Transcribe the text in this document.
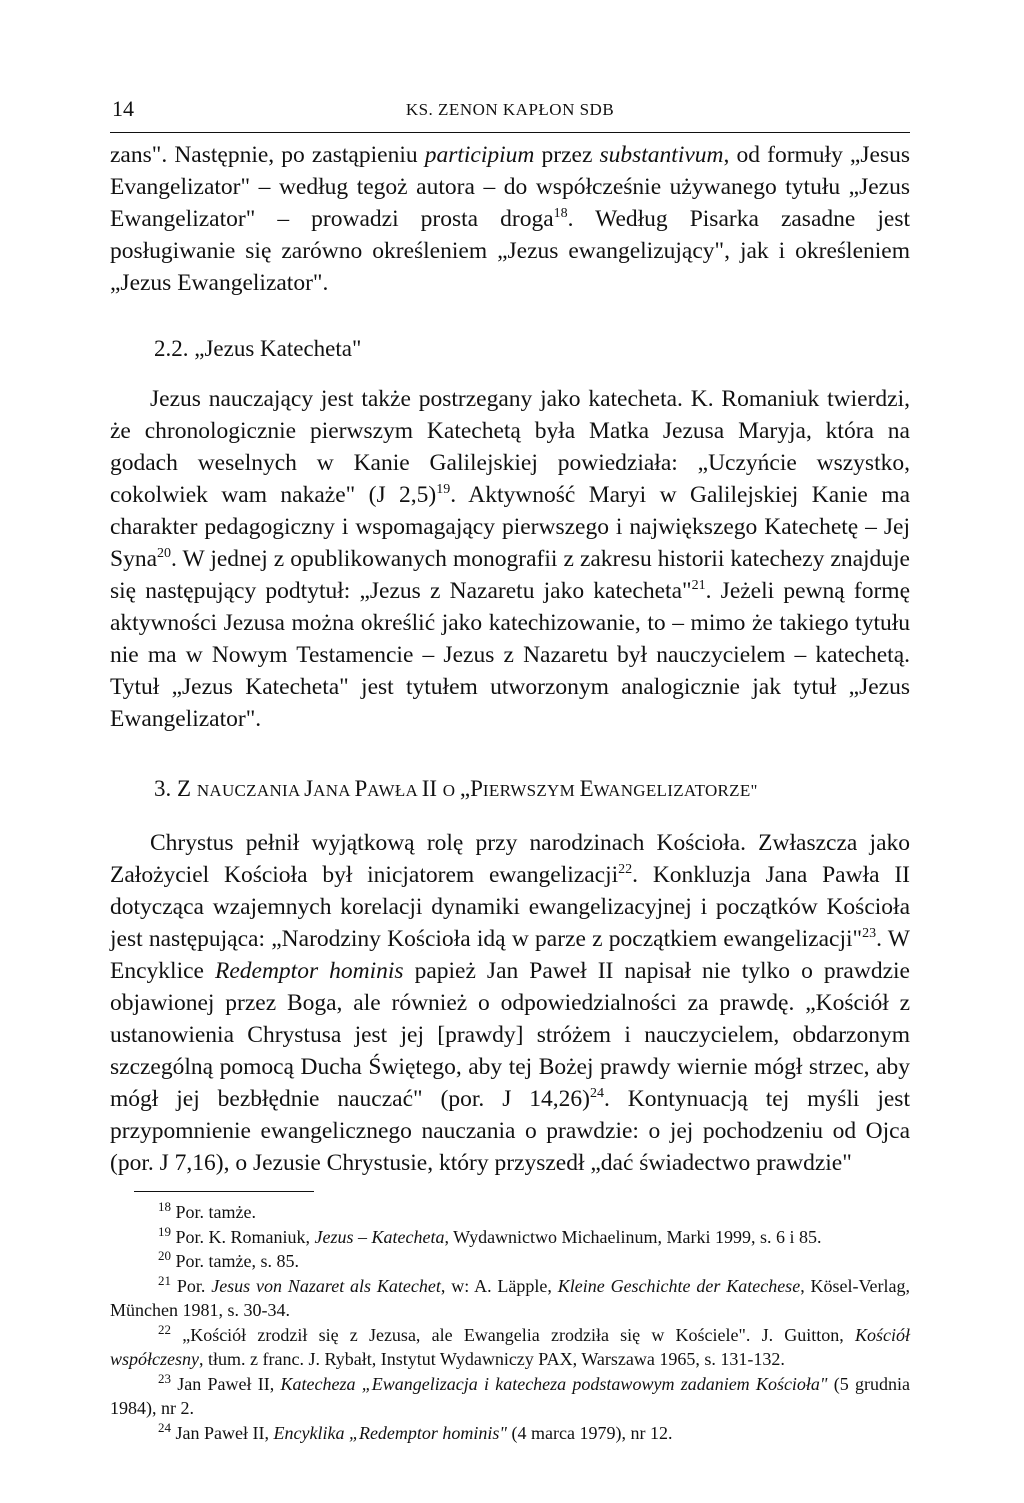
14	KS. ZENON KAPŁON SDB

zans". Następnie, po zastąpieniu participium przez substantivum, od formuły „Jesus Evangelizator" – według tegoż autora – do współcześnie używanego tytułu „Jezus Ewangelizator" – prowadzi prosta droga$^{18}$. Według Pisarka zasadne jest posługiwanie się zarówno określeniem „Jezus ewangelizujący", jak i określeniem „Jezus Ewangelizator".

2.2. „Jezus Katecheta"

Jezus nauczający jest także postrzegany jako katecheta. K. Romaniuk twierdzi, że chronologicznie pierwszym Katechetą była Matka Jezusa Maryja, która na godach weselnych w Kanie Galilejskiej powiedziała: „Uczyńcie wszystko, cokolwiek wam nakaże" (J 2,5)$^{19}$. Aktywność Maryi w Galilejskiej Kanie ma charakter pedagogiczny i wspomagający pierwszego i największego Katechetę – Jej Syna$^{20}$. W jednej z opublikowanych monografii z zakresu historii katechezy znajduje się następujący podtytuł: „Jezus z Nazaretu jako katecheta"$^{21}$. Jeżeli pewną formę aktywności Jezusa można określić jako katechizowanie, to – mimo że takiego tytułu nie ma w Nowym Testamencie – Jezus z Nazaretu był nauczycielem – katechetą. Tytuł „Jezus Katecheta" jest tytułem utworzonym analogicznie jak tytuł „Jezus Ewangelizator".

3. Z NAUCZANIA JANA PAWŁA II O „PIERWSZYM EWANGELIZATORZE"

Chrystus pełnił wyjątkową rolę przy narodzinach Kościoła. Zwłaszcza jako Założyciel Kościoła był inicjatorem ewangelizacji$^{22}$. Konkluzja Jana Pawła II dotycząca wzajemnych korelacji dynamiki ewangelizacyjnej i początków Kościoła jest następująca: „Narodziny Kościoła idą w parze z początkiem ewangelizacji"$^{23}$. W Encyklice Redemptor hominis papież Jan Paweł II napisał nie tylko o prawdzie objawionej przez Boga, ale również o odpowiedzialności za prawdę. „Kościół z ustanowienia Chrystusa jest jej [prawdy] stróżem i nauczycielem, obdarzonym szczególną pomocą Ducha Świętego, aby tej Bożej prawdy wiernie mógł strzec, aby mógł jej bezbłędnie nauczać" (por. J 14,26)$^{24}$. Kontynuacją tej myśli jest przypomnienie ewangelicznego nauczania o prawdzie: o jej pochodzeniu od Ojca (por. J 7,16), o Jezusie Chrystusie, który przyszedł „dać świadectwo prawdzie"

$^{18}$ Por. tamże.

$^{19}$ Por. K. Romaniuk, Jezus – Katecheta, Wydawnictwo Michaelinum, Marki 1999, s. 6 i 85.

$^{20}$ Por. tamże, s. 85.

$^{21}$ Por. Jesus von Nazaret als Katechet, w: A. Läpple, Kleine Geschichte der Katechese, Kösel-Verlag, München 1981, s. 30-34.

$^{22}$ „Kościół zrodził się z Jezusa, ale Ewangelia zrodziła się w Kościele". J. Guitton, Kościół współczesny, tłum. z franc. J. Rybałt, Instytut Wydawniczy PAX, Warszawa 1965, s. 131-132.

$^{23}$ Jan Paweł II, Katecheza „Ewangelizacja i katecheza podstawowym zadaniem Kościoła" (5 grudnia 1984), nr 2.

$^{24}$ Jan Paweł II, Encyklika „Redemptor hominis" (4 marca 1979), nr 12.
